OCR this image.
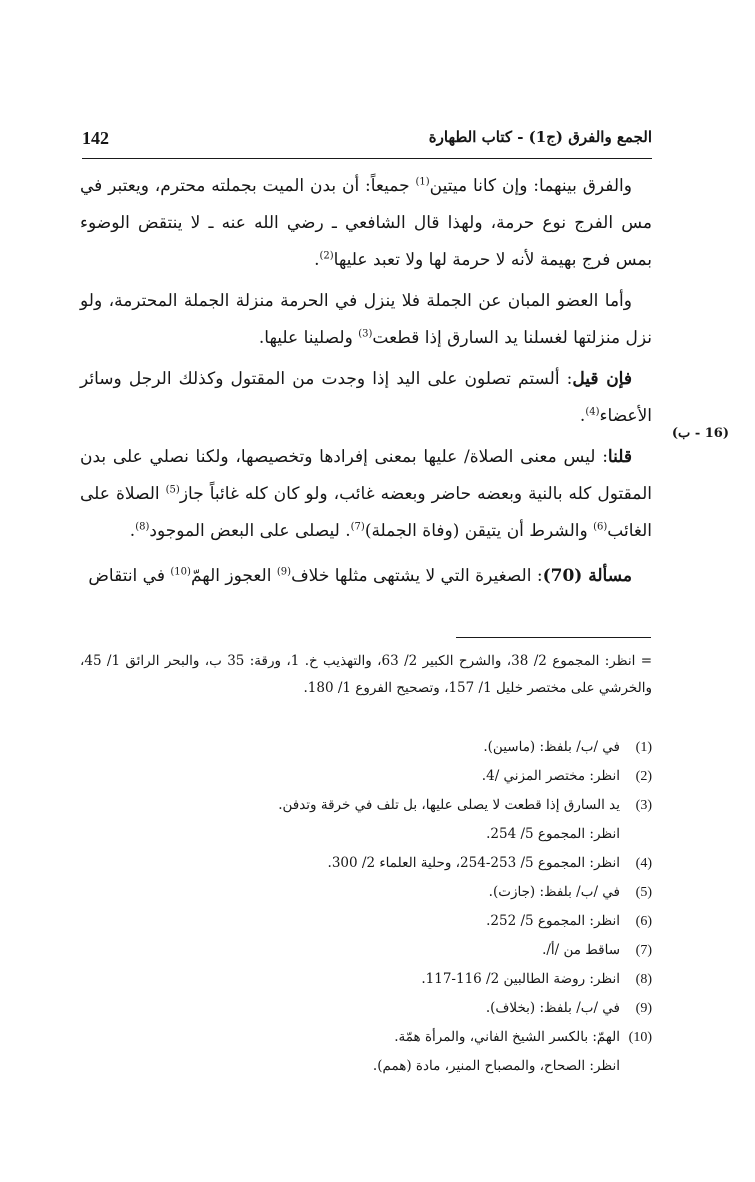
142	الجمع والفرق (ج1) - كتاب الطهارة
(16 - ب)

والفرق بينهما: وإن كانا ميتين$^{(1)}$ جميعاً: أن بدن الميت بجملته محترم، ويعتبر في مس الفرج نوع حرمة، ولهذا قال الشافعي ـ رضي الله عنه ـ لا ينتقض الوضوء بمس فرج بهيمة لأنه لا حرمة لها ولا تعبد عليها$^{(2)}$.

وأما العضو المبان عن الجملة فلا ينزل في الحرمة منزلة الجملة المحترمة، ولو نزل منزلتها لغسلنا يد السارق إذا قطعت$^{(3)}$ ولصلينا عليها.

فإن قيل: ألستم تصلون على اليد إذا وجدت من المقتول وكذلك الرجل وسائر الأعضاء$^{(4)}$.

قلنا: ليس معنى الصلاة/ عليها بمعنى إفرادها وتخصيصها، ولكنا نصلي على بدن المقتول كله بالنية وبعضه حاضر وبعضه غائب، ولو كان كله غائباً جاز$^{(5)}$ الصلاة على الغائب$^{(6)}$ والشرط أن يتيقن (وفاة الجملة)$^{(7)}$. ليصلى على البعض الموجود$^{(8)}$.

مسألة (70): الصغيرة التي لا يشتهى مثلها خلاف$^{(9)}$ العجوز الهمّ$^{(10)}$ في انتقاض

= انظر: المجموع 2/ 38، والشرح الكبير 2/ 63، والتهذيب خ. 1، ورقة: 35 ب، والبحر الرائق 1/ 45، والخرشي على مختصر خليل 1/ 157، وتصحيح الفروع 1/ 180.
(1)
في /ب/ بلفظ: (ماسين).
(2)
انظر: مختصر المزني /4.
(3)
يد السارق إذا قطعت لا يصلى عليها، بل تلف في خرقة وتدفن.
انظر: المجموع 5/ 254.
(4)
انظر: المجموع 5/ 253-254، وحلية العلماء 2/ 300.
(5)
في /ب/ بلفظ: (جازت).
(6)
انظر: المجموع 5/ 252.
(7)
ساقط من /أ/.
(8)
انظر: روضة الطالبين 2/ 116-117.
(9)
في /ب/ بلفظ: (بخلاف).
(10)
الهمّ: بالكسر الشيخ الفاني، والمرأة همّة.
انظر: الصحاح، والمصباح المنير، مادة (همم).
